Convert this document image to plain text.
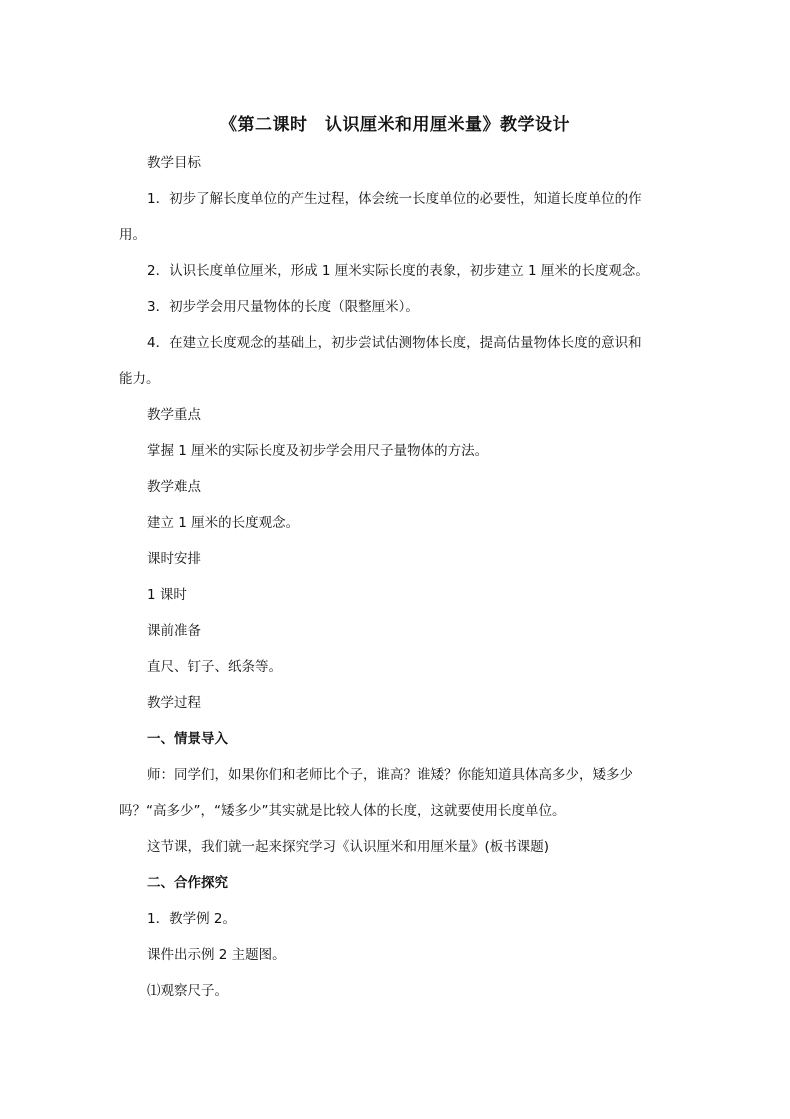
《第二课时　认识厘米和用厘米量》教学设计
教学目标
1．初步了解长度单位的产生过程，体会统一长度单位的必要性，知道长度单位的作
用。
2．认识长度单位厘米，形成 1 厘米实际长度的表象，初步建立 1 厘米的长度观念。
3．初步学会用尺量物体的长度（限整厘米）。
4．在建立长度观念的基础上，初步尝试估测物体长度，提高估量物体长度的意识和
能力。
教学重点
掌握 1 厘米的实际长度及初步学会用尺子量物体的方法。
教学难点
建立 1 厘米的长度观念。
课时安排
1 课时
课前准备
直尺、钉子、纸条等。
教学过程
一、情景导入
师：同学们，如果你们和老师比个子，谁高？谁矮？你能知道具体高多少，矮多少
吗？“高多少”，“矮多少”其实就是比较人体的长度，这就要使用长度单位。
这节课，我们就一起来探究学习《认识厘米和用厘米量》(板书课题)
二、合作探究
1．教学例 2。
课件出示例 2 主题图。
⑴观察尺子。
